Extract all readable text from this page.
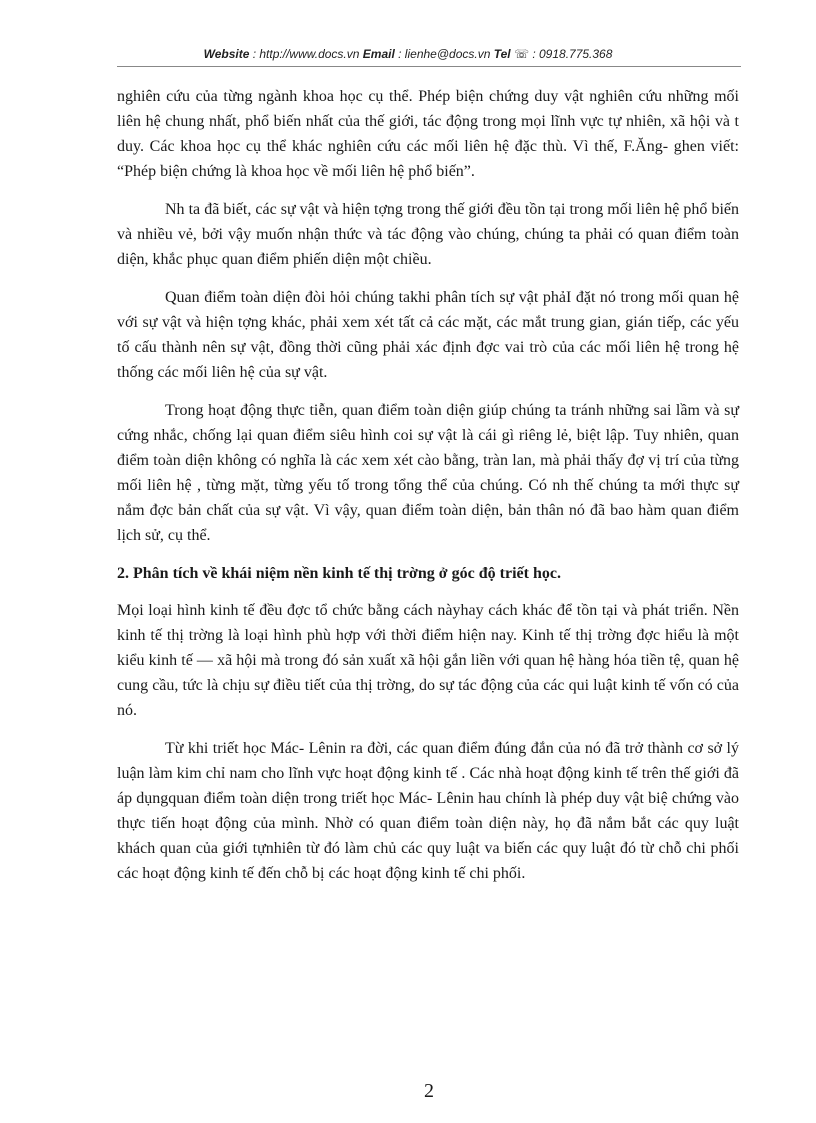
Website : http://www.docs.vn Email : lienhe@docs.vn Tel ☏ : 0918.775.368

nghiên cứu của từng ngành khoa học cụ thể. Phép biện chứng duy vật nghiên cứu những mối liên hệ chung nhất, phổ biến nhất của thế giới, tác động trong mọi lĩnh vực tự nhiên, xã hội và t duy. Các khoa học cụ thể khác nghiên cứu các mối liên hệ đặc thù. Vì thế, F.Ăng- ghen viết: “Phép biện chứng là khoa học về mối liên hệ phổ biến”.

Nh ta đã biết, các sự vật và hiện tợng trong thế giới đều tồn tại trong mối liên hệ phổ biến và nhiều vẻ, bởi vậy muốn nhận thức và tác động vào chúng, chúng ta phải có quan điểm toàn diện, khắc phục quan điểm phiến diện một chiều.

Quan điểm toàn diện đòi hỏi chúng takhi phân tích sự vật phảI đặt nó trong mối quan hệ với sự vật và hiện tợng khác, phải xem xét tất cả các mặt, các mắt trung gian, gián tiếp, các yếu tố cấu thành nên sự vật, đồng thời cũng phải xác định đợc vai trò của các mối liên hệ trong hệ thống các mối liên hệ của sự vật.

Trong hoạt động thực tiễn, quan điểm toàn diện giúp chúng ta tránh những sai lầm và sự cứng nhắc, chống lại quan điểm siêu hình coi sự vật là cái gì riêng lẻ, biệt lập. Tuy nhiên, quan điểm toàn diện không có nghĩa là các xem xét cào bằng, tràn lan, mà phải thấy đợ vị trí của từng mối liên hệ , từng mặt, từng yếu tố trong tổng thể của chúng. Có nh thế chúng ta mới thực sự nắm đợc bản chất của sự vật. Vì vậy, quan điểm toàn diện, bản thân nó đã bao hàm quan điểm lịch sử, cụ thể.

2. Phân tích về khái niệm nền kinh tế thị trờng ở góc độ triết học.

Mọi loại hình kinh tế đều đợc tổ chức bằng cách nàyhay cách khác để tồn tại và phát triển. Nền kinh tế thị trờng là loại hình phù hợp với thời điểm hiện nay. Kinh tế thị trờng đợc hiểu là một kiểu kinh tế — xã hội mà trong đó sản xuất xã hội gắn liền với quan hệ hàng hóa tiền tệ, quan hệ cung cầu, tức là chịu sự điều tiết của thị trờng, do sự tác động của các qui luật kinh tế vốn có của nó.

Từ khi triết học Mác- Lênin ra đời, các quan điểm đúng đắn của nó đã trở thành cơ sở lý luận làm kim chỉ nam cho lĩnh vực hoạt động kinh tế . Các nhà hoạt động kinh tế trên thế giới đã áp dụngquan điểm toàn diện trong triết học Mác- Lênin hau chính là phép duy vật biệ chứng vào thực tiến hoạt động của mình. Nhờ có quan điểm toàn diện này, họ đã nắm bắt các quy luật khách quan của giới tựnhiên từ đó làm chủ các quy luật va biến các quy luật đó từ chỗ chi phối các hoạt động kinh tế đến chỗ bị các hoạt động kinh tế chi phối.

2
